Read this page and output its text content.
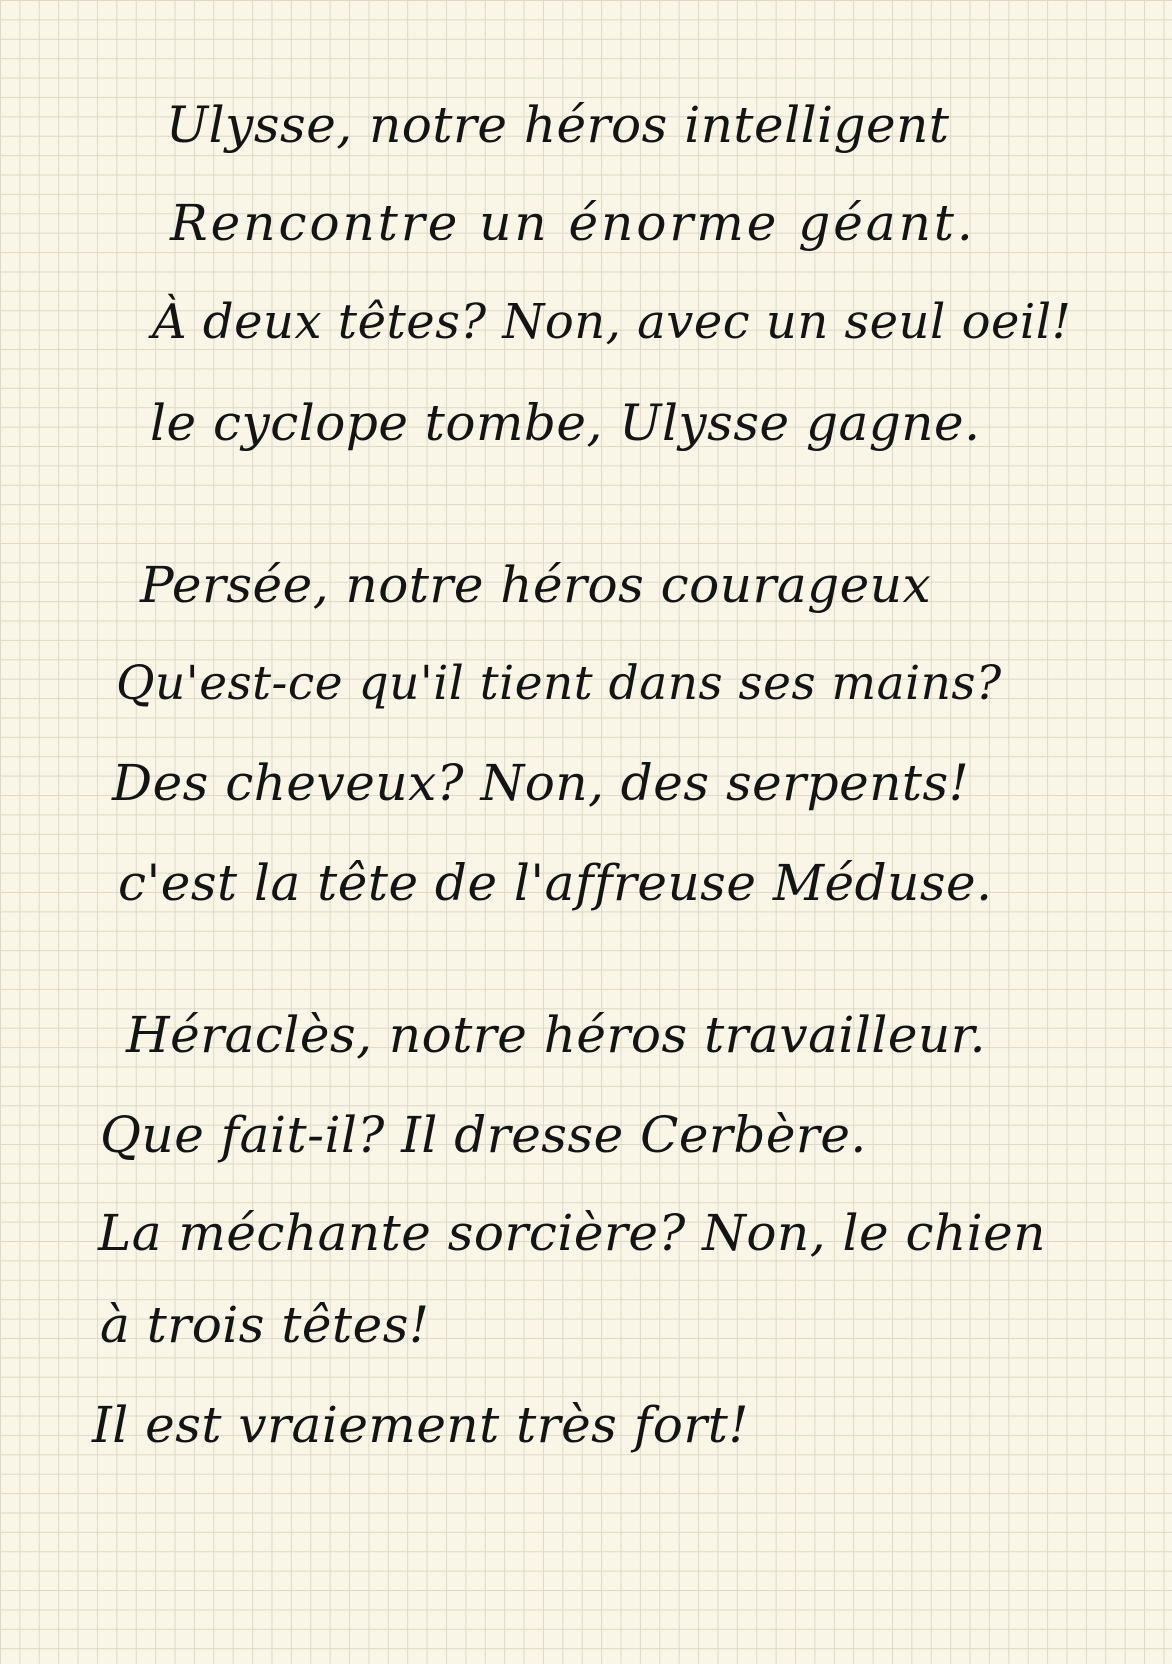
Ulysse, notre héros intelligent
Rencontre un énorme géant.
À deux têtes? Non, avec un seul oeil!
le cyclope tombe, Ulysse gagne.
Persée, notre héros courageux
Qu'est-ce qu'il tient dans ses mains?
Des cheveux? Non, des serpents!
c'est la tête de l'affreuse Méduse.
Héraclès, notre héros travailleur.
Que fait-il? Il dresse Cerbère.
La méchante sorcière? Non, le chien
à trois têtes!
Il est vraiement très fort!
